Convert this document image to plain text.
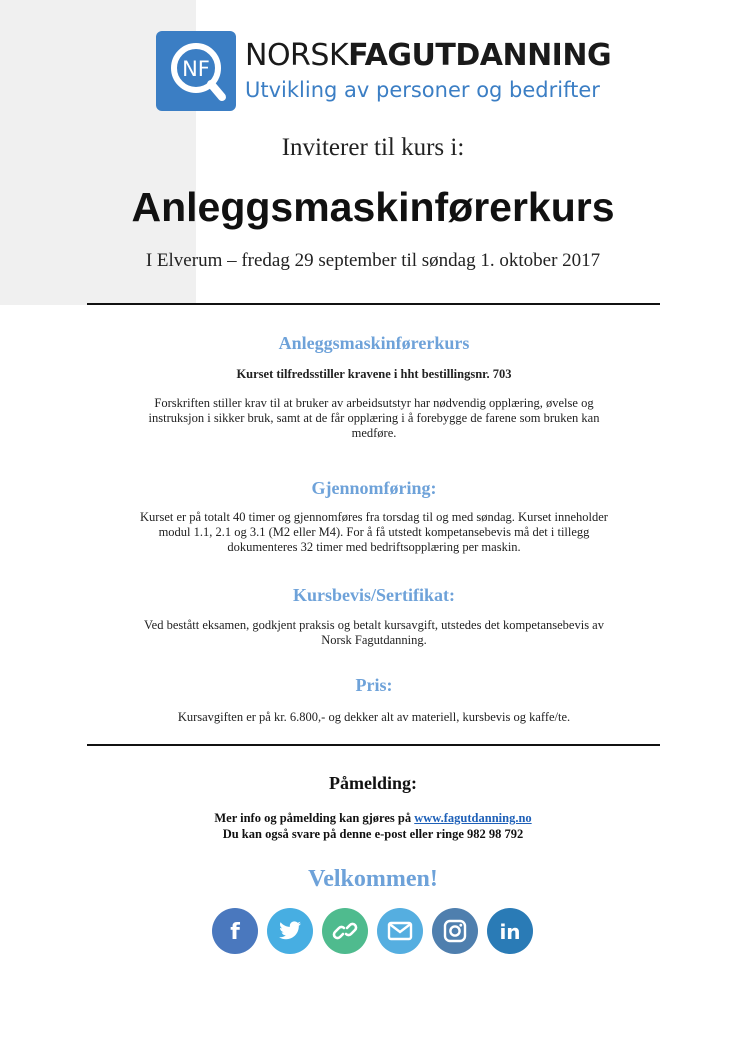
NF NORSKFAGUTDANNING
Utvikling av personer og bedrifter
Inviterer til kurs i:
Anleggsmaskinførerkurs
I Elverum – fredag 29 september til søndag 1. oktober 2017
Anleggsmaskinførerkurs
Kurset tilfredsstiller kravene i hht bestillingsnr. 703
Forskriften stiller krav til at bruker av arbeidsutstyr har nødvendig opplæring, øvelse og
instruksjon i sikker bruk, samt at de får opplæring i å forebygge de farene som bruken kan
medføre.
Gjennomføring:
Kurset er på totalt 40 timer og gjennomføres fra torsdag til og med søndag. Kurset inneholder
modul 1.1, 2.1 og 3.1 (M2 eller M4). For å få utstedt kompetansebevis må det i tillegg
dokumenteres 32 timer med bedriftsopplæring per maskin.
Kursbevis/Sertifikat:
Ved bestått eksamen, godkjent praksis og betalt kursavgift, utstedes det kompetansebevis av
Norsk Fagutdanning.
Pris:
Kursavgiften er på kr. 6.800,- og dekker alt av materiell, kursbevis og kaffe/te.
Påmelding:
Mer info og påmelding kan gjøres på www.fagutdanning.no
Du kan også svare på denne e-post eller ringe 982 98 792
Velkommen!
f	in
